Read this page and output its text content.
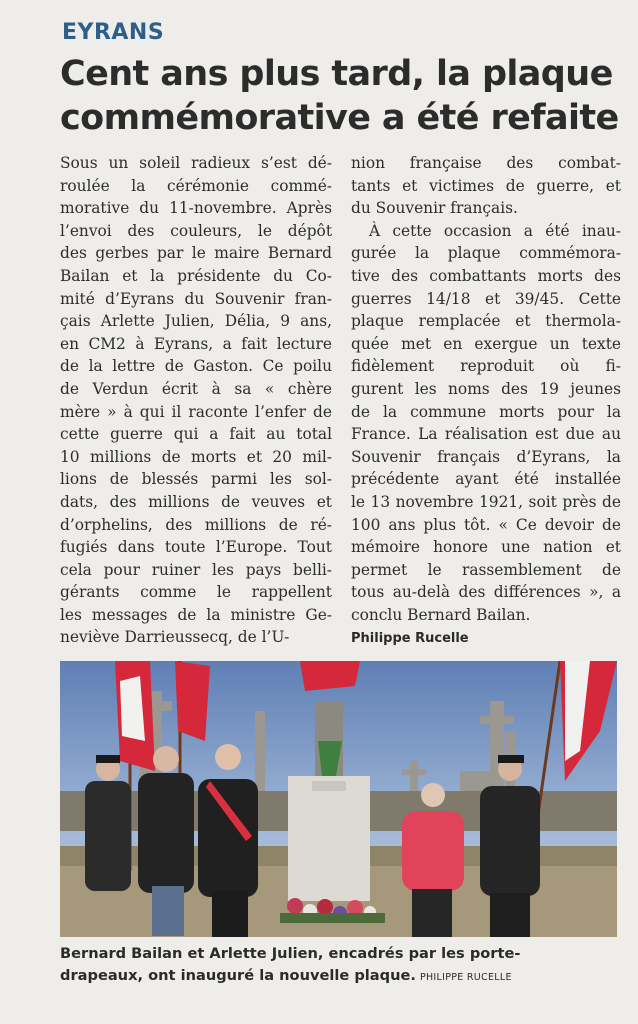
EYRANS
Cent ans plus tard, la plaque
commémorative a été refaite
Sous un soleil radieux s’est dé-
roulée la cérémonie commé-
morative du 11-novembre. Après
l’envoi des couleurs, le dépôt
des gerbes par le maire Bernard
Bailan et la présidente du Co-
mité d’Eyrans du Souvenir fran-
çais Arlette Julien, Délia, 9 ans,
en CM2 à Eyrans, a fait lecture
de la lettre de Gaston. Ce poilu
de Verdun écrit à sa « chère
mère » à qui il raconte l’enfer de
cette guerre qui a fait au total
10 millions de morts et 20 mil-
lions de blessés parmi les sol-
dats, des millions de veuves et
d’orphelins, des millions de ré-
fugiés dans toute l’Europe. Tout
cela pour ruiner les pays belli-
gérants comme le rappellent
les messages de la ministre Ge-
neviève Darrieussecq, de l’U-
nion française des combat-
tants et victimes de guerre, et
du Souvenir français.
À cette occasion a été inau-
gurée la plaque commémora-
tive des combattants morts des
guerres 14/18 et 39/45. Cette
plaque remplacée et thermola-
quée met en exergue un texte
fidèlement reproduit où fi-
gurent les noms des 19 jeunes
de la commune morts pour la
France. La réalisation est due au
Souvenir français d’Eyrans, la
précédente ayant été installée
le 13 novembre 1921, soit près de
100 ans plus tôt. « Ce devoir de
mémoire honore une nation et
permet le rassemblement de
tous au-delà des différences », a
conclu Bernard Bailan.
Philippe Rucelle
Bernard Bailan et Arlette Julien, encadrés par les porte-
drapeaux, ont inauguré la nouvelle plaque. PHILIPPE RUCELLE
